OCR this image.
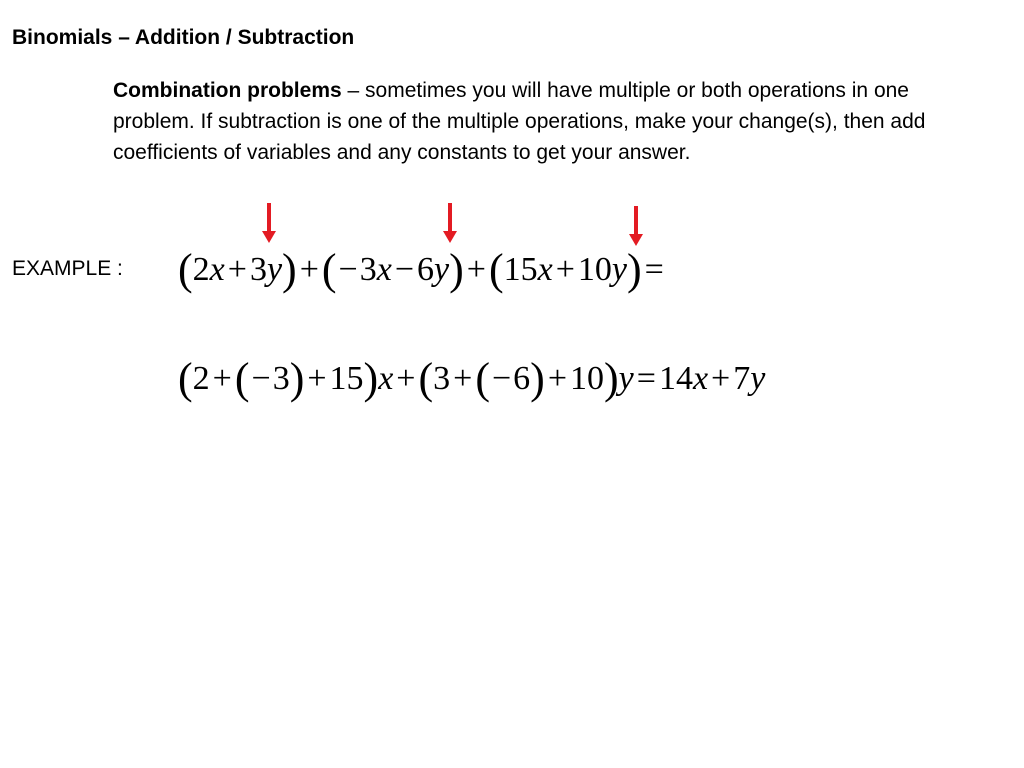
Binomials – Addition / Subtraction
Combination problems – sometimes you will have multiple or both operations in one problem. If subtraction is one of the multiple operations, make your change(s), then add coefficients of variables and any constants to get your answer.
EXAMPLE : (2x+3y)+(−3x−6y)+(15x+10y)=
(2+(−3)+15)x+(3+(−6)+10)y=14x+7y
